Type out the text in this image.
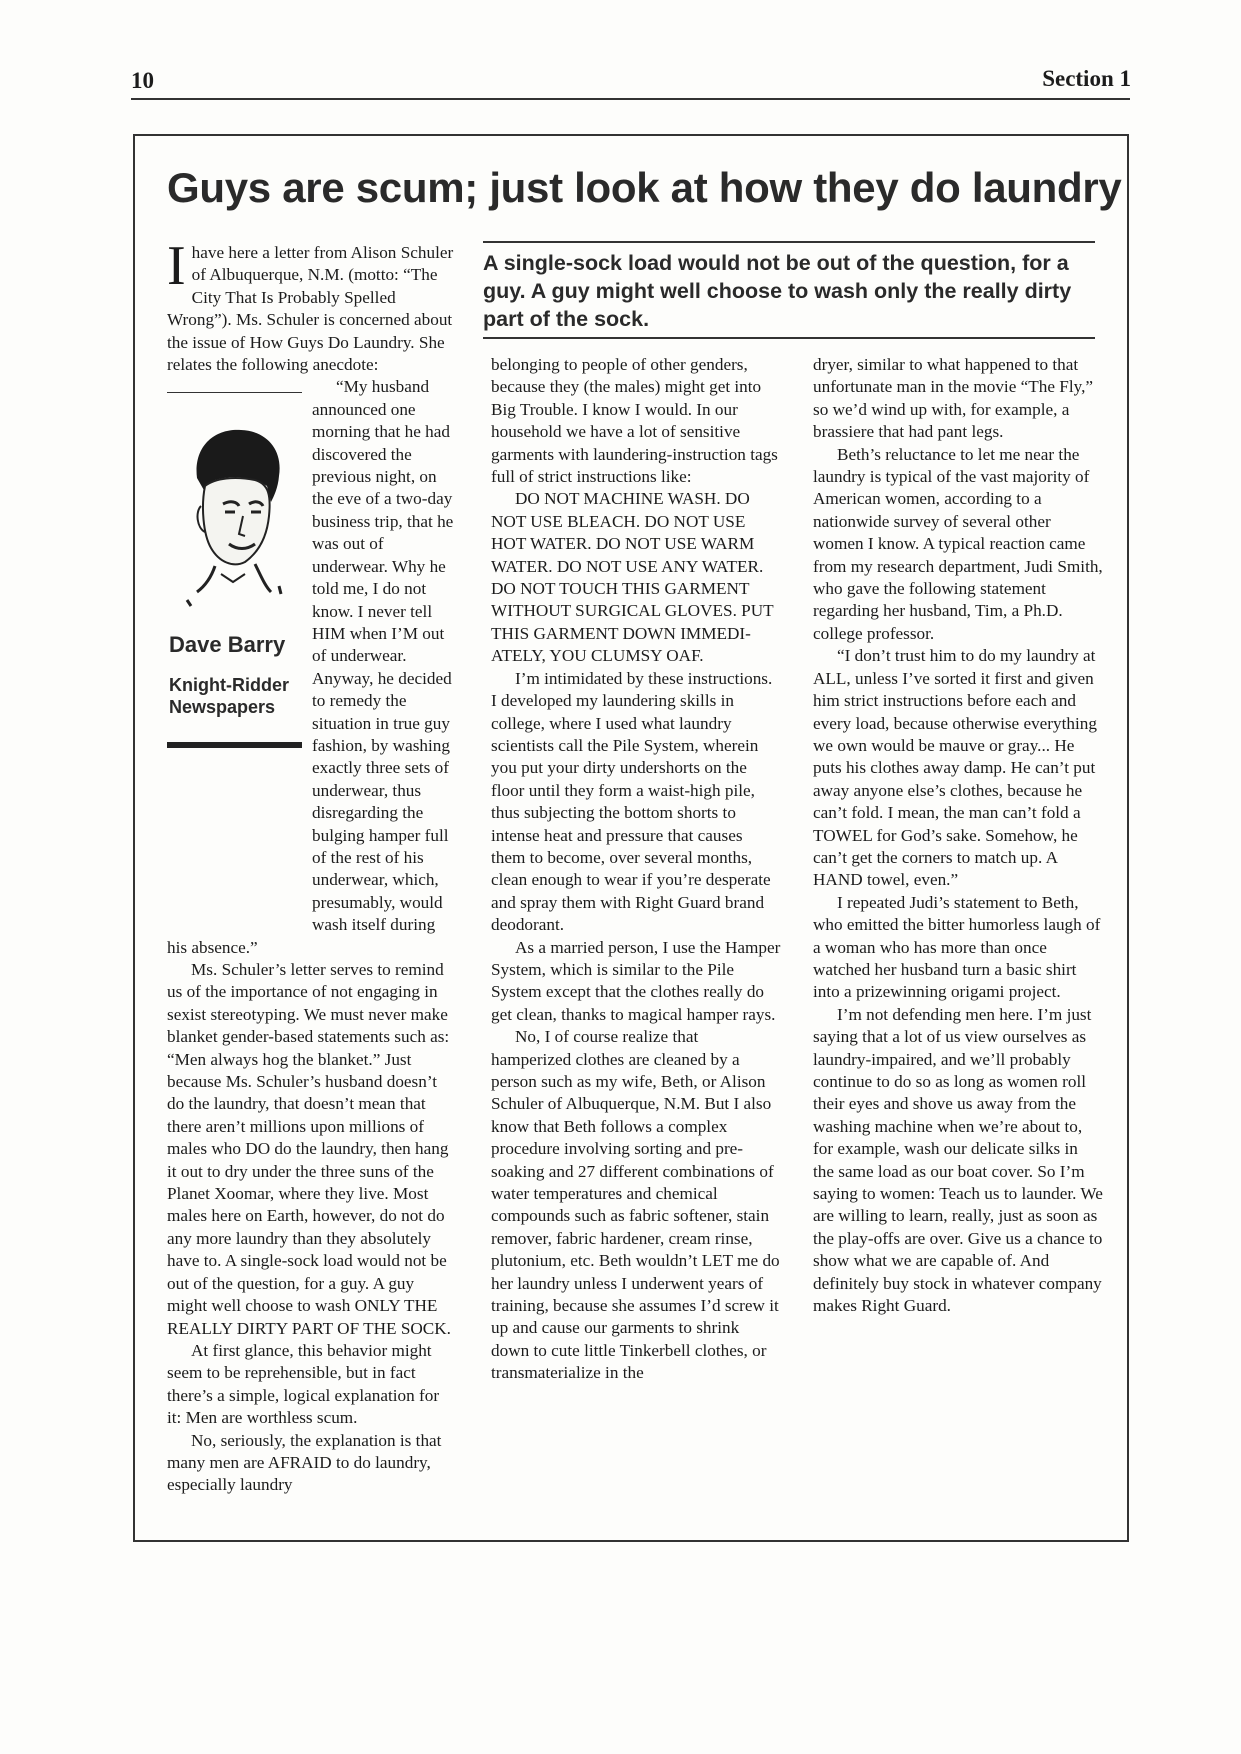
10	Section 1
Guys are scum; just look at how they do laundry

A single-sock load would not be out of the question, for a guy. A guy might well choose to wash only the really dirty part of the sock.

Ihave here a letter from Alison Schuler of Albuquerque, N.M. (motto: “The City That Is Probably Spelled Wrong”). Ms. Schuler is concerned about the issue of How Guys Do Laundry. She relates the following anecdote:

Dave Barry
Knight-Ridder Newspapers

“My husband announced one morning that he had discovered the previous night, on the eve of a two-day business trip, that he was out of underwear. Why he told me, I do not know. I never tell HIM when I’M out of underwear. Anyway, he decided to remedy the situation in true guy fashion, by washing exactly three sets of underwear, thus disregarding the bulging hamper full of the rest of his underwear, which, presumably, would wash itself during his absence.”

Ms. Schuler’s letter serves to remind us of the importance of not engaging in sexist stereotyping. We must never make blanket gender-based statements such as: “Men always hog the blanket.” Just because Ms. Schuler’s husband doesn’t do the laundry, that doesn’t mean that there aren’t millions upon millions of males who DO do the laundry, then hang it out to dry under the three suns of the Planet Xoomar, where they live. Most males here on Earth, however, do not do any more laundry than they absolutely have to. A single-sock load would not be out of the question, for a guy. A guy might well choose to wash ONLY THE REALLY DIRTY PART OF THE SOCK.

At first glance, this behavior might seem to be reprehensible, but in fact there’s a simple, logical explanation for it: Men are worthless scum.

No, seriously, the explanation is that many men are AFRAID to do laundry, especially laundry

belonging to people of other genders, because they (the males) might get into Big Trouble. I know I would. In our household we have a lot of sensitive garments with laundering-instruction tags full of strict instructions like:

DO NOT MACHINE WASH. DO NOT USE BLEACH. DO NOT USE HOT WATER. DO NOT USE WARM WATER. DO NOT USE ANY WATER. DO NOT TOUCH THIS GARMENT WITHOUT SURGICAL GLOVES. PUT THIS GARMENT DOWN IMMEDI-ATELY, YOU CLUMSY OAF.

I’m intimidated by these instructions. I developed my laundering skills in college, where I used what laundry scientists call the Pile System, wherein you put your dirty undershorts on the floor until they form a waist-high pile, thus subjecting the bottom shorts to intense heat and pressure that causes them to become, over several months, clean enough to wear if you’re desperate and spray them with Right Guard brand deodorant.

As a married person, I use the Hamper System, which is similar to the Pile System except that the clothes really do get clean, thanks to magical hamper rays.

No, I of course realize that hamperized clothes are cleaned by a person such as my wife, Beth, or Alison Schuler of Albuquerque, N.M. But I also know that Beth follows a complex procedure involving sorting and pre-soaking and 27 different combinations of water temperatures and chemical compounds such as fabric softener, stain remover, fabric hardener, cream rinse, plutonium, etc. Beth wouldn’t LET me do her laundry unless I underwent years of training, because she assumes I’d screw it up and cause our garments to shrink down to cute little Tinkerbell clothes, or transmaterialize in the

dryer, similar to what happened to that unfortunate man in the movie “The Fly,” so we’d wind up with, for example, a brassiere that had pant legs.

Beth’s reluctance to let me near the laundry is typical of the vast majority of American women, according to a nationwide survey of several other women I know. A typical reaction came from my research department, Judi Smith, who gave the following statement regarding her husband, Tim, a Ph.D. college professor.

“I don’t trust him to do my laundry at ALL, unless I’ve sorted it first and given him strict instructions before each and every load, because otherwise everything we own would be mauve or gray... He puts his clothes away damp. He can’t put away anyone else’s clothes, because he can’t fold. I mean, the man can’t fold a TOWEL for God’s sake. Somehow, he can’t get the corners to match up. A HAND towel, even.”

I repeated Judi’s statement to Beth, who emitted the bitter humorless laugh of a woman who has more than once watched her husband turn a basic shirt into a prizewinning origami project.

I’m not defending men here. I’m just saying that a lot of us view ourselves as laundry-impaired, and we’ll probably continue to do so as long as women roll their eyes and shove us away from the washing machine when we’re about to, for example, wash our delicate silks in the same load as our boat cover. So I’m saying to women: Teach us to launder. We are willing to learn, really, just as soon as the play-offs are over. Give us a chance to show what we are capable of. And definitely buy stock in whatever company makes Right Guard.
